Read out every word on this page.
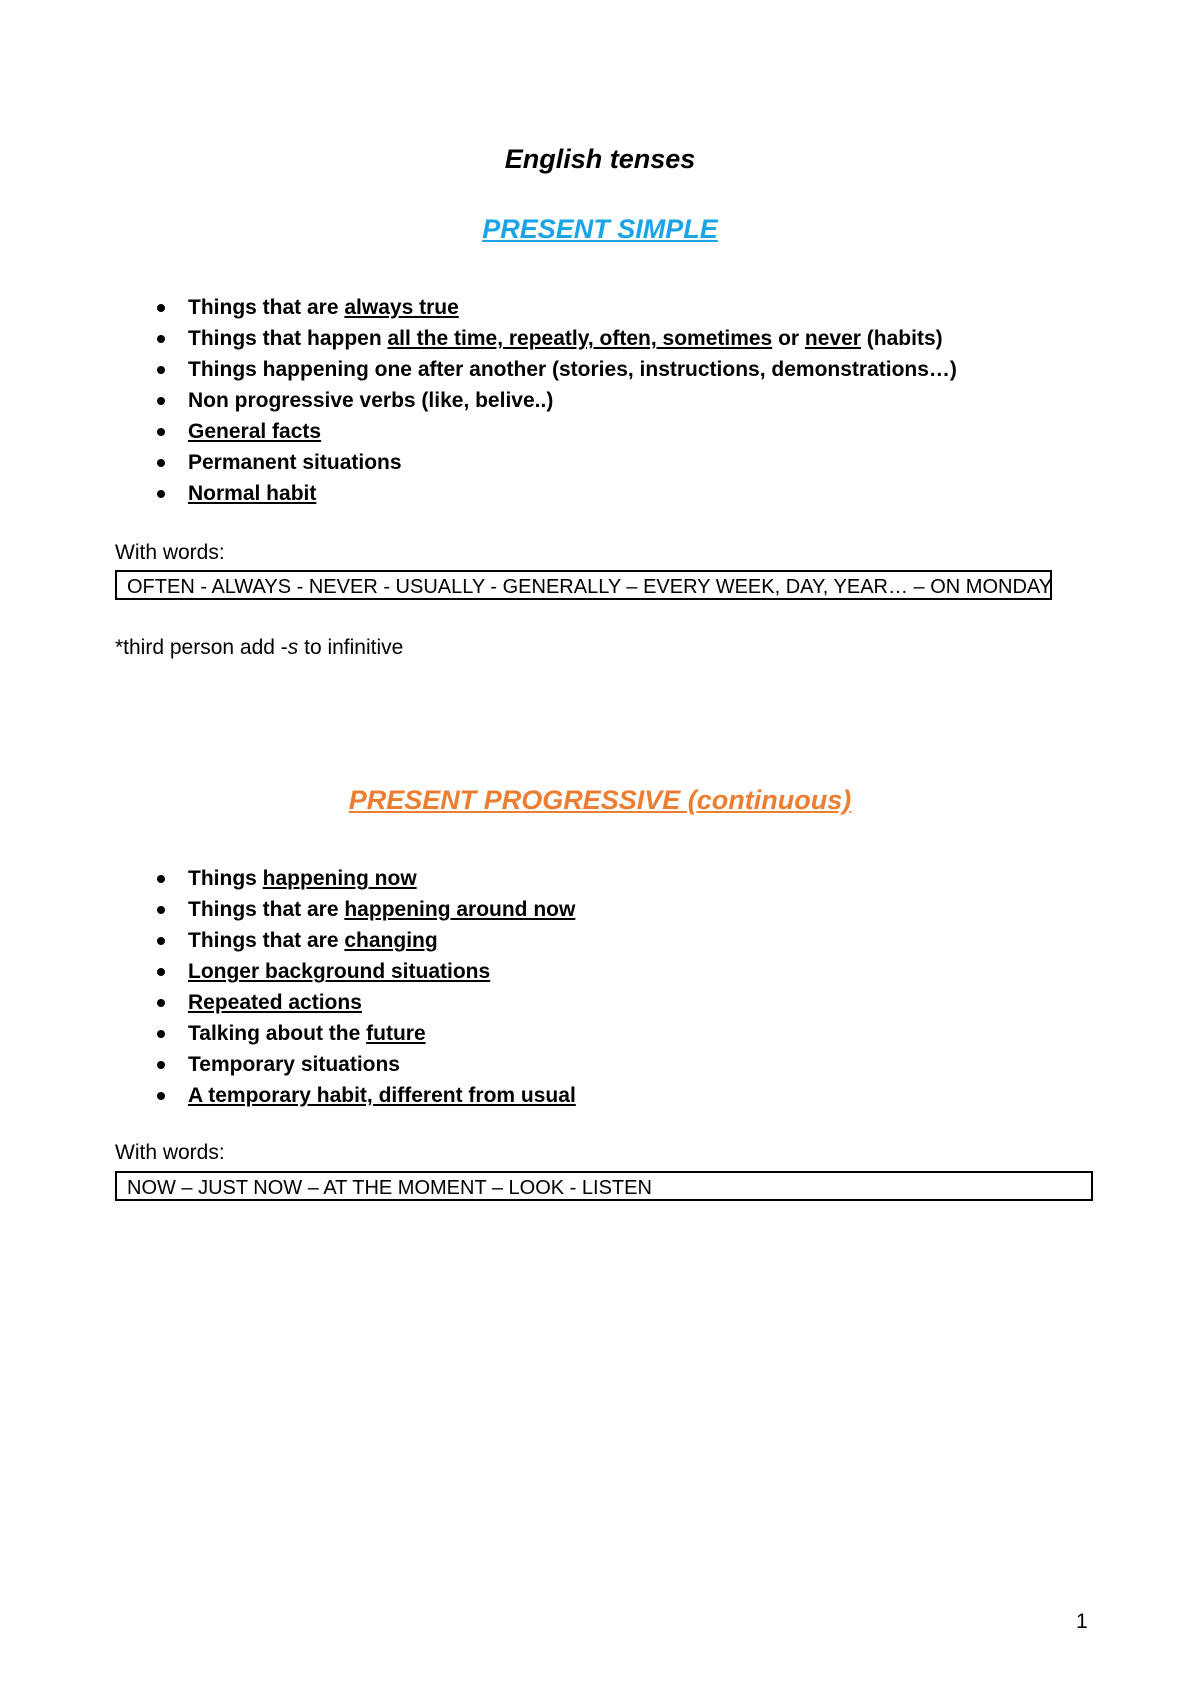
English tenses
PRESENT SIMPLE
Things that are always true
Things that happen all the time, repeatly, often, sometimes or never (habits)
Things happening one after another (stories, instructions, demonstrations…)
Non progressive verbs (like, belive..)
General facts
Permanent situations
Normal habit
With words:
OFTEN - ALWAYS - NEVER - USUALLY - GENERALLY – EVERY WEEK, DAY, YEAR… – ON MONDAY
*third person add -s to infinitive
PRESENT PROGRESSIVE (continuous)
Things happening now
Things that are happening around now
Things that are changing
Longer background situations
Repeated actions
Talking about the future
Temporary situations
A temporary habit, different from usual
With words:
NOW – JUST NOW – AT THE MOMENT – LOOK - LISTEN
1
